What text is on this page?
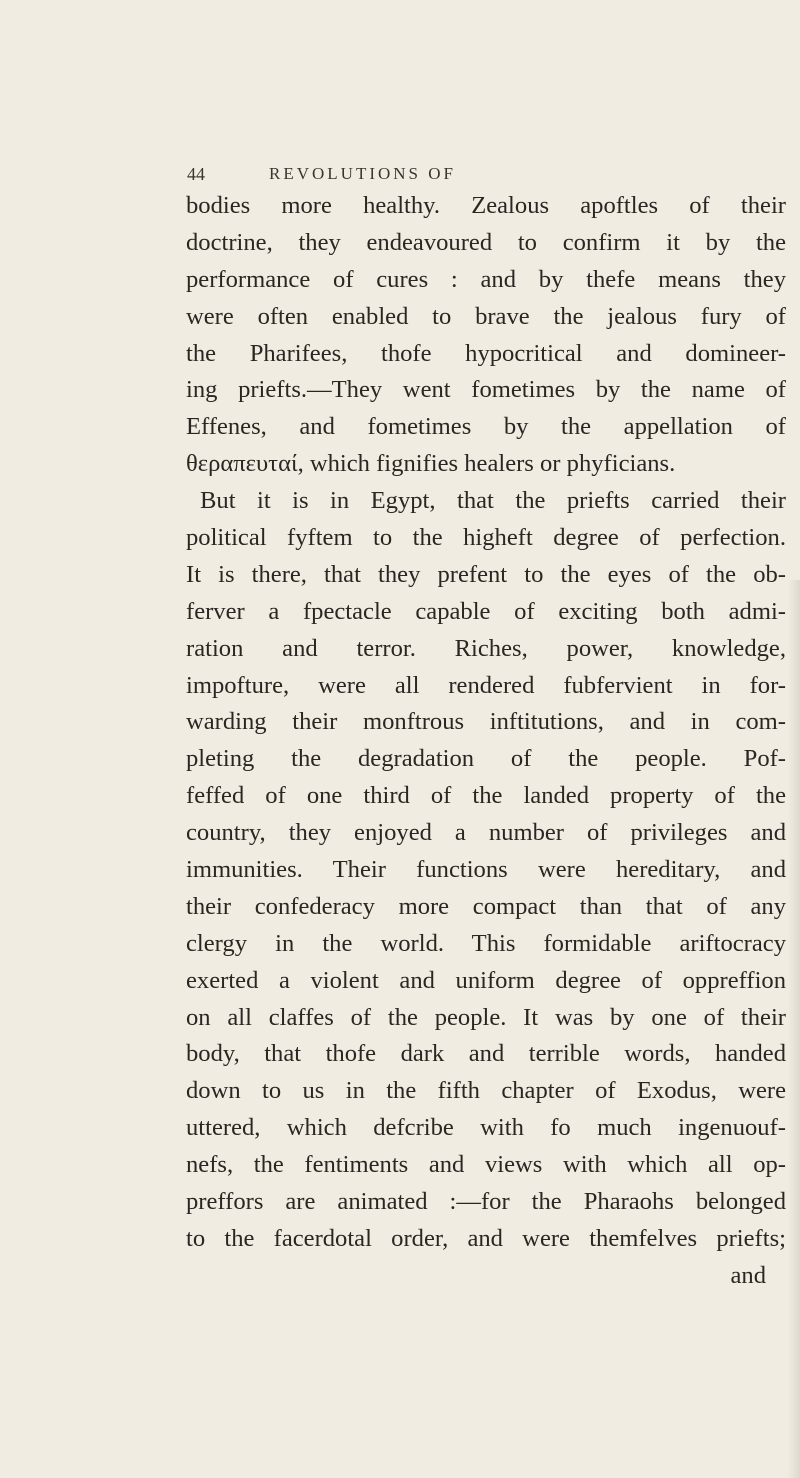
44	REVOLUTIONS OF
bodies more healthy. Zealous apoftles of their
doctrine, they endeavoured to confirm it by the
performance of cures : and by thefe means they
were often enabled to brave the jealous fury of
the Pharifees, thofe hypocritical and domineer-
ing priefts.—They went fometimes by the name of
Effenes, and fometimes by the appellation of
θεραπευταί, which fignifies healers or phyficians.
But it is in Egypt, that the priefts carried their
political fyftem to the higheft degree of perfection.
It is there, that they prefent to the eyes of the ob-
ferver a fpectacle capable of exciting both admi-
ration and terror. Riches, power, knowledge,
impofture, were all rendered fubfervient in for-
warding their monftrous inftitutions, and in com-
pleting the degradation of the people. Pof-
feffed of one third of the landed property of the
country, they enjoyed a number of privileges and
immunities. Their functions were hereditary, and
their confederacy more compact than that of any
clergy in the world. This formidable ariftocracy
exerted a violent and uniform degree of oppreffion
on all claffes of the people. It was by one of their
body, that thofe dark and terrible words, handed
down to us in the fifth chapter of Exodus, were
uttered, which defcribe with fo much ingenuouf-
nefs, the fentiments and views with which all op-
preffors are animated :—for the Pharaohs belonged
to the facerdotal order, and were themfelves priefts;
and
